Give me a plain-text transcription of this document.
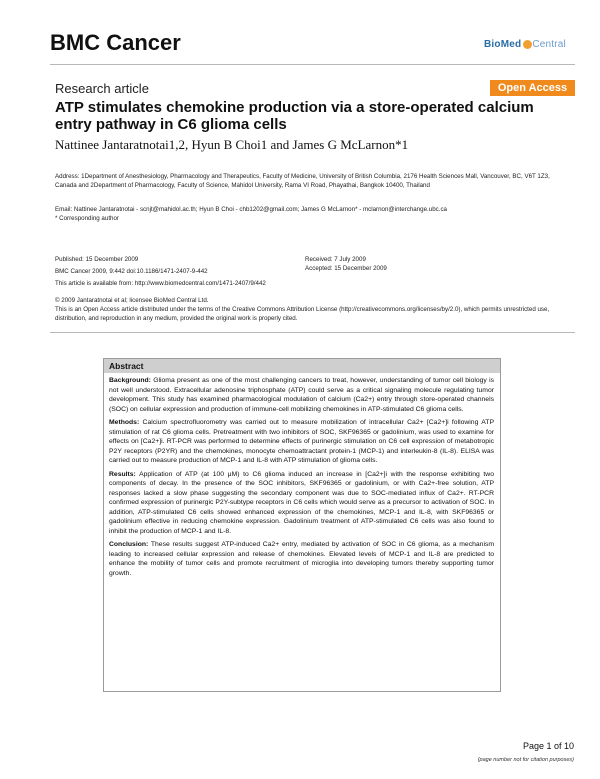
BMC Cancer	BioMed Central
Research article	Open Access
ATP stimulates chemokine production via a store-operated calcium entry pathway in C6 glioma cells
Nattinee Jantaratnotai1,2, Hyun B Choi1 and James G McLarnon*1
Address: 1Department of Anesthesiology, Pharmacology and Therapeutics, Faculty of Medicine, University of British Columbia, 2176 Health Sciences Mall, Vancouver, BC, V6T 1Z3, Canada and 2Department of Pharmacology, Faculty of Science, Mahidol University, Rama VI Road, Phayathai, Bangkok 10400, Thailand
Email: Nattinee Jantaratnotai - scnjt@mahidol.ac.th; Hyun B Choi - chb1202@gmail.com; James G McLarnon* - mclarnon@interchange.ubc.ca
* Corresponding author
Published: 15 December 2009
BMC Cancer 2009, 9:442 doi:10.1186/1471-2407-9-442
This article is available from: http://www.biomedcentral.com/1471-2407/9/442
Received: 7 July 2009
Accepted: 15 December 2009
© 2009 Jantaratnotai et al; licensee BioMed Central Ltd.
This is an Open Access article distributed under the terms of the Creative Commons Attribution License (http://creativecommons.org/licenses/by/2.0), which permits unrestricted use, distribution, and reproduction in any medium, provided the original work is properly cited.
Abstract

Background: Glioma present as one of the most challenging cancers to treat, however, understanding of tumor cell biology is not well understood. Extracellular adenosine triphosphate (ATP) could serve as a critical signaling molecule regulating tumor development. This study has examined pharmacological modulation of calcium (Ca2+) entry through store-operated channels (SOC) on cellular expression and production of immune-cell mobilizing chemokines in ATP-stimulated C6 glioma cells.

Methods: Calcium spectrofluorometry was carried out to measure mobilization of intracellular Ca2+ [Ca2+]i following ATP stimulation of rat C6 glioma cells. Pretreatment with two inhibitors of SOC, SKF96365 or gadolinium, was used to examine for effects on [Ca2+]i. RT-PCR was performed to determine effects of purinergic stimulation on C6 cell expression of metabotropic P2Y receptors (P2YR) and the chemokines, monocyte chemoattractant protein-1 (MCP-1) and interleukin-8 (IL-8). ELISA was carried out to measure production of MCP-1 and IL-8 with ATP stimulation of glioma cells.

Results: Application of ATP (at 100 μM) to C6 glioma induced an increase in [Ca2+]i with the response exhibiting two components of decay. In the presence of the SOC inhibitors, SKF96365 or gadolinium, or with Ca2+-free solution, ATP responses lacked a slow phase suggesting the secondary component was due to SOC-mediated influx of Ca2+. RT-PCR confirmed expression of purinergic P2Y-subtype receptors in C6 cells which would serve as a precursor to activation of SOC. In addition, ATP-stimulated C6 cells showed enhanced expression of the chemokines, MCP-1 and IL-8, with SKF96365 or gadolinium effective in reducing chemokine expression. Gadolinium treatment of ATP-stimulated C6 cells was also found to inhibit the production of MCP-1 and IL-8.

Conclusion: These results suggest ATP-induced Ca2+ entry, mediated by activation of SOC in C6 glioma, as a mechanism leading to increased cellular expression and release of chemokines. Elevated levels of MCP-1 and IL-8 are predicted to enhance the mobility of tumor cells and promote recruitment of microglia into developing tumors thereby supporting tumor growth.

Page 1 of 10
(page number not for citation purposes)
